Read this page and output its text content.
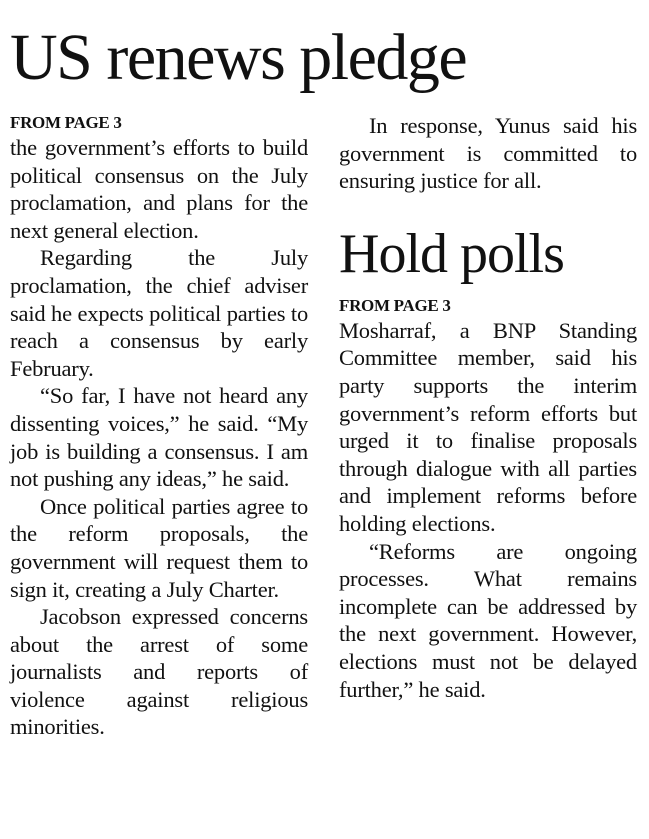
US renews pledge
FROM PAGE 3

the government’s efforts to build political consensus on the July proclamation, and plans for the next general election.

Regarding the July proclamation, the chief adviser said he expects political parties to reach a consensus by early February.

“So far, I have not heard any dissenting voices,” he said. “My job is building a consensus. I am not pushing any ideas,” he said.

Once political parties agree to the reform proposals, the government will request them to sign it, creating a July Charter.

Jacobson expressed concerns about the arrest of some journalists and reports of violence against religious minorities.

In response, Yunus said his government is committed to ensuring justice for all.

Hold polls
FROM PAGE 3

Mosharraf, a BNP Standing Committee member, said his party supports the interim government’s reform efforts but urged it to finalise proposals through dialogue with all parties and implement reforms before holding elections.

“Reforms are ongoing processes. What remains incomplete can be addressed by the next government. However, elections must not be delayed further,” he said.
